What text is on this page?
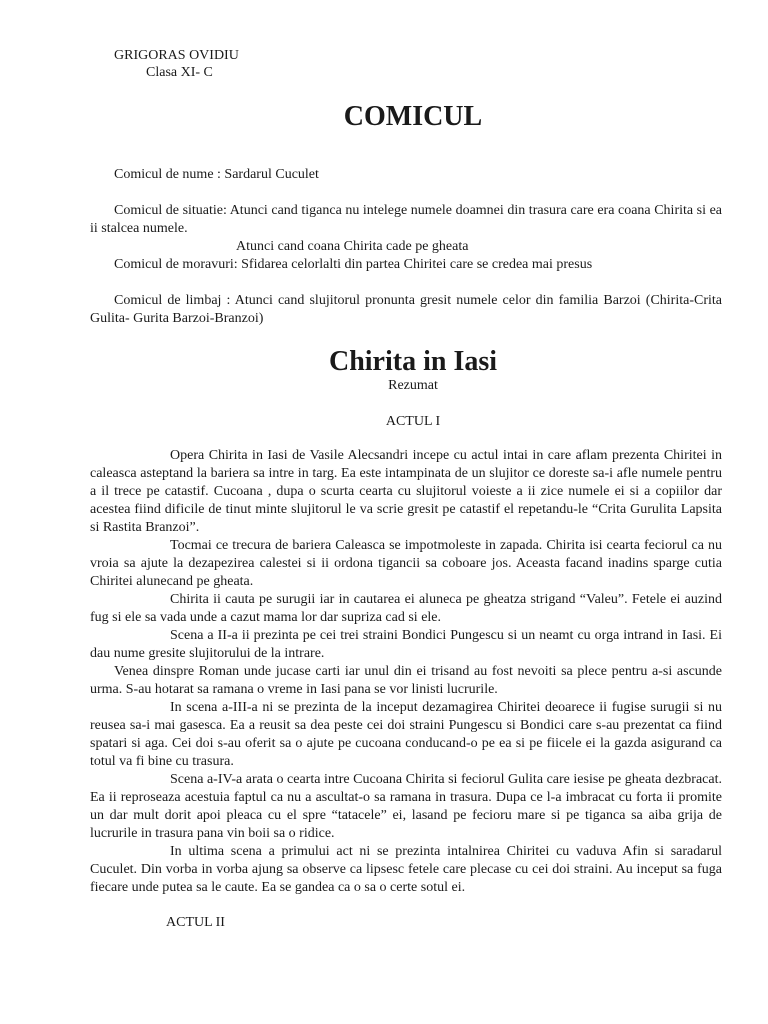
GRIGORAS OVIDIU
Clasa XI- C
COMICUL

Comicul de nume : Sardarul Cuculet

Comicul de situatie: Atunci cand tiganca nu intelege numele doamnei din trasura care era coana Chirita si ea ii stalcea numele.

Atunci cand coana Chirita cade pe gheata

Comicul de moravuri: Sfidarea celorlalti din partea Chiritei care se credea mai presus

Comicul de limbaj : Atunci cand slujitorul pronunta gresit numele celor din familia Barzoi (Chirita-Crita Gulita- Gurita Barzoi-Branzoi)

Chirita in Iasi
Rezumat
ACTUL I

Opera Chirita in Iasi de Vasile Alecsandri incepe cu actul intai in care aflam prezenta Chiritei in caleasca asteptand la bariera sa intre in targ. Ea este intampinata de un slujitor ce doreste sa-i afle numele pentru a il trece pe catastif. Cucoana , dupa o scurta cearta cu slujitorul voieste a ii zice numele ei si a copiilor dar acestea fiind dificile de tinut minte slujitorul le va scrie gresit pe catastif el repetandu-le “Crita Gurulita Lapsita si Rastita Branzoi”.

Tocmai ce trecura de bariera Caleasca se impotmoleste in zapada. Chirita isi cearta feciorul ca nu vroia sa ajute la dezapezirea calestei si ii ordona tigancii sa coboare jos. Aceasta facand inadins sparge cutia Chiritei alunecand pe gheata.

Chirita ii cauta pe surugii iar in cautarea ei aluneca pe gheatza strigand “Valeu”. Fetele ei auzind fug si ele sa vada unde a cazut mama lor dar supriza cad si ele.

Scena a II-a ii prezinta pe cei trei straini Bondici Pungescu si un neamt cu orga intrand in Iasi. Ei dau nume gresite slujitorului de la intrare.

Venea dinspre Roman unde jucase carti iar unul din ei trisand au fost nevoiti sa plece pentru a-si ascunde urma. S-au hotarat sa ramana o vreme in Iasi pana se vor linisti lucrurile.

In scena a-III-a ni se prezinta de la inceput dezamagirea Chiritei deoarece ii fugise surugii si nu reusea sa-i mai gasesca. Ea a reusit sa dea peste cei doi straini Pungescu si Bondici care s-au prezentat ca fiind spatari si aga. Cei doi s-au oferit sa o ajute pe cucoana conducand-o pe ea si pe fiicele ei la gazda asigurand ca totul va fi bine cu trasura.

Scena a-IV-a arata o cearta intre Cucoana Chirita si feciorul Gulita care iesise pe gheata dezbracat. Ea ii reproseaza acestuia faptul ca nu a ascultat-o sa ramana in trasura. Dupa ce l-a imbracat cu forta ii promite un dar mult dorit apoi pleaca cu el spre “tatacele” ei, lasand pe fecioru mare si pe tiganca sa aiba grija de lucrurile in trasura pana vin boii sa o ridice.

In ultima scena a primului act ni se prezinta intalnirea Chiritei cu vaduva Afin si saradarul Cuculet. Din vorba in vorba ajung sa observe ca lipsesc fetele care plecase cu cei doi straini. Au inceput sa fuga fiecare unde putea sa le caute. Ea se gandea ca o sa o certe sotul ei.

ACTUL II
